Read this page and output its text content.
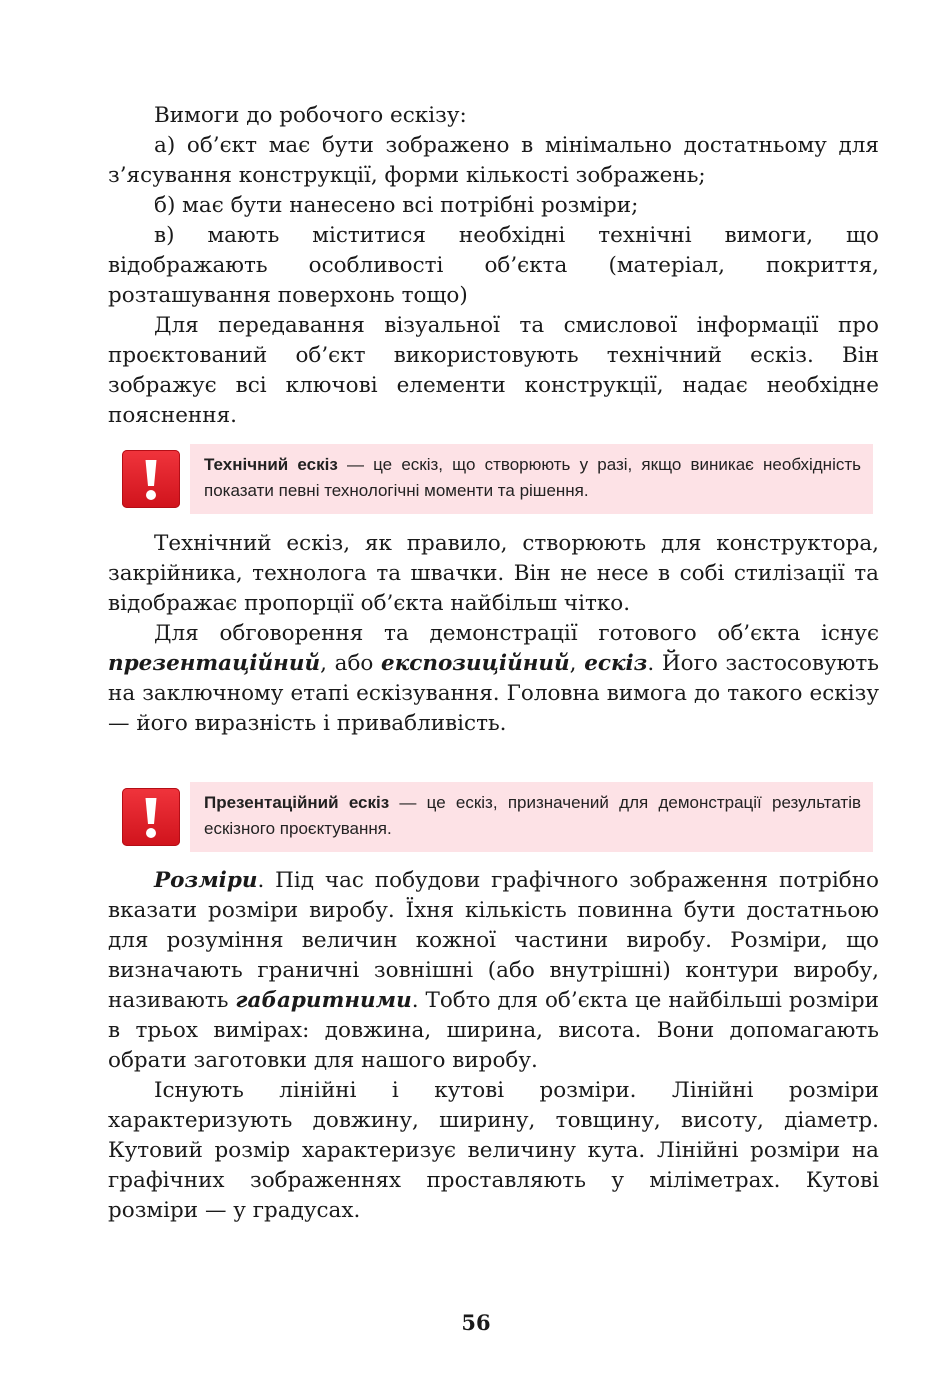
Вимоги до робочого ескізу:

а) об’єкт має бути зображено в мінімально достатньому для з’ясування конструкції, форми кількості зображень;

б) має бути нанесено всі потрібні розміри;

в) мають міститися необхідні технічні вимоги, що відображають особливості об’єкта (матеріал, покриття, розташування поверхонь тощо)

Для передавання візуальної та смислової інформації про проєктований об’єкт використовують технічний ескіз. Він зображує всі ключові елементи конструкції, надає необхідне пояснення.

Технічний ескіз — це ескіз, що створюють у разі, якщо виникає необхідність показати певні технологічні моменти та рішення.

Технічний ескіз, як правило, створюють для конструктора, закрійника, технолога та швачки. Він не несе в собі стилізації та відображає пропорції об’єкта найбільш чітко.

Для обговорення та демонстрації готового об’єкта існує презентаційний, або експозиційний, ескіз. Його застосовують на заключному етапі ескізування. Головна вимога до такого ескізу — його виразність і привабливість.

Презентаційний ескіз — це ескіз, призначений для демонстрації результатів ескізного проєктування.

Розміри. Під час побудови графічного зображення потрібно вказати розміри виробу. Їхня кількість повинна бути достатньою для розуміння величин кожної частини виробу. Розміри, що визначають граничні зовнішні (або внутрішні) контури виробу, називають габаритними. Тобто для об’єкта це найбільші розміри в трьох вимірах: довжина, ширина, висота. Вони допомагають обрати заготовки для нашого виробу.

Існують лінійні і кутові розміри. Лінійні розміри характеризують довжину, ширину, товщину, висоту, діаметр. Кутовий розмір характеризує величину кута. Лінійні розміри на графічних зображеннях проставляють у міліметрах. Кутові розміри — у градусах.

56
